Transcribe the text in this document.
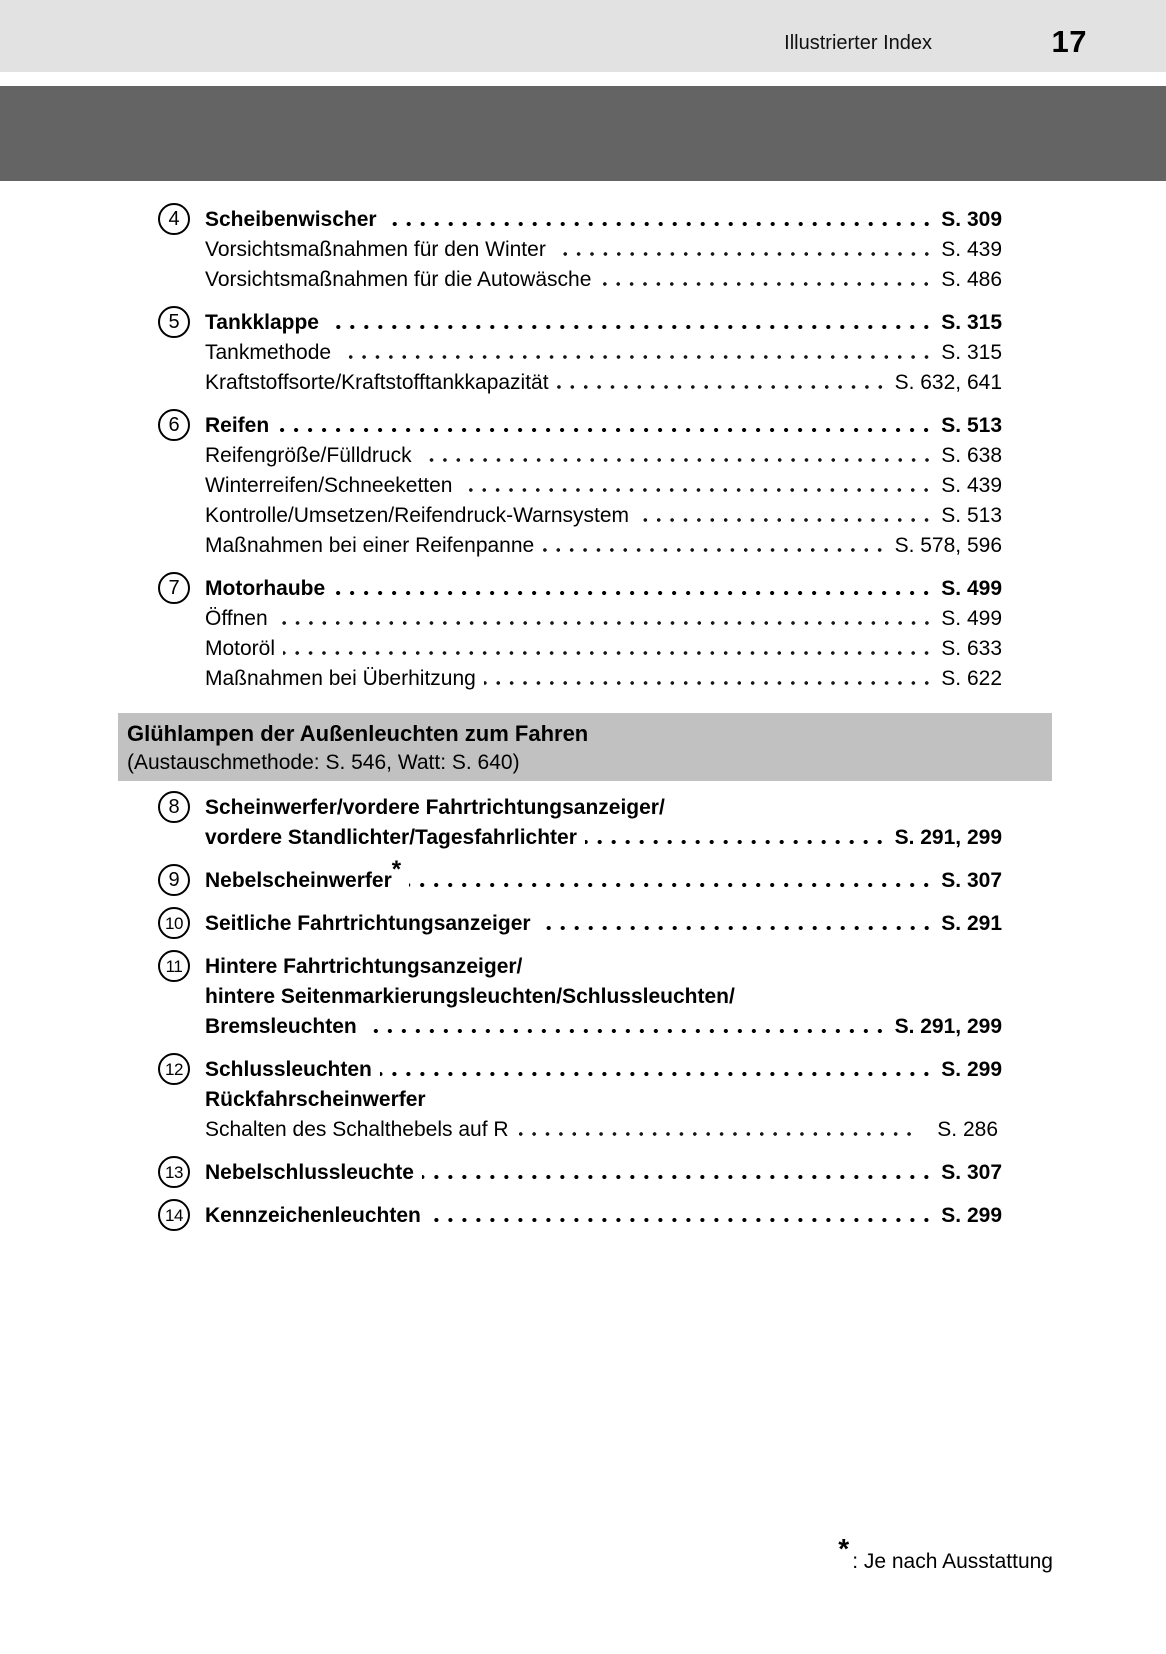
Illustrierter Index	17
4 Scheibenwischer	S. 309
Vorsichtsmaßnahmen für den Winter	S. 439
Vorsichtsmaßnahmen für die Autowäsche	S. 486
5 Tankklappe	S. 315
Tankmethode	S. 315
Kraftstoffsorte/Kraftstofftankkapazität	S. 632, 641
6 Reifen	S. 513
Reifengröße/Fülldruck	S. 638
Winterreifen/Schneeketten	S. 439
Kontrolle/Umsetzen/Reifendruck-Warnsystem	S. 513
Maßnahmen bei einer Reifenpanne	S. 578, 596
7 Motorhaube	S. 499
Öffnen	S. 499
Motoröl	S. 633
Maßnahmen bei Überhitzung	S. 622
Glühlampen der Außenleuchten zum Fahren
(Austauschmethode: S. 546, Watt: S. 640)
8 Scheinwerfer/vordere Fahrtrichtungsanzeiger/
vordere Standlichter/Tagesfahrlichter	S. 291, 299
9 Nebelscheinwerfer *	S. 307
10 Seitliche Fahrtrichtungsanzeiger	S. 291
11 Hintere Fahrtrichtungsanzeiger/
hintere Seitenmarkierungsleuchten/Schlussleuchten/
Bremsleuchten	S. 291, 299
12 Schlussleuchten	S. 299
Rückfahrscheinwerfer
Schalten des Schalthebels auf R	S. 286
13 Nebelschlussleuchte	S. 307
14 Kennzeichenleuchten	S. 299

* : Je nach Ausstattung
